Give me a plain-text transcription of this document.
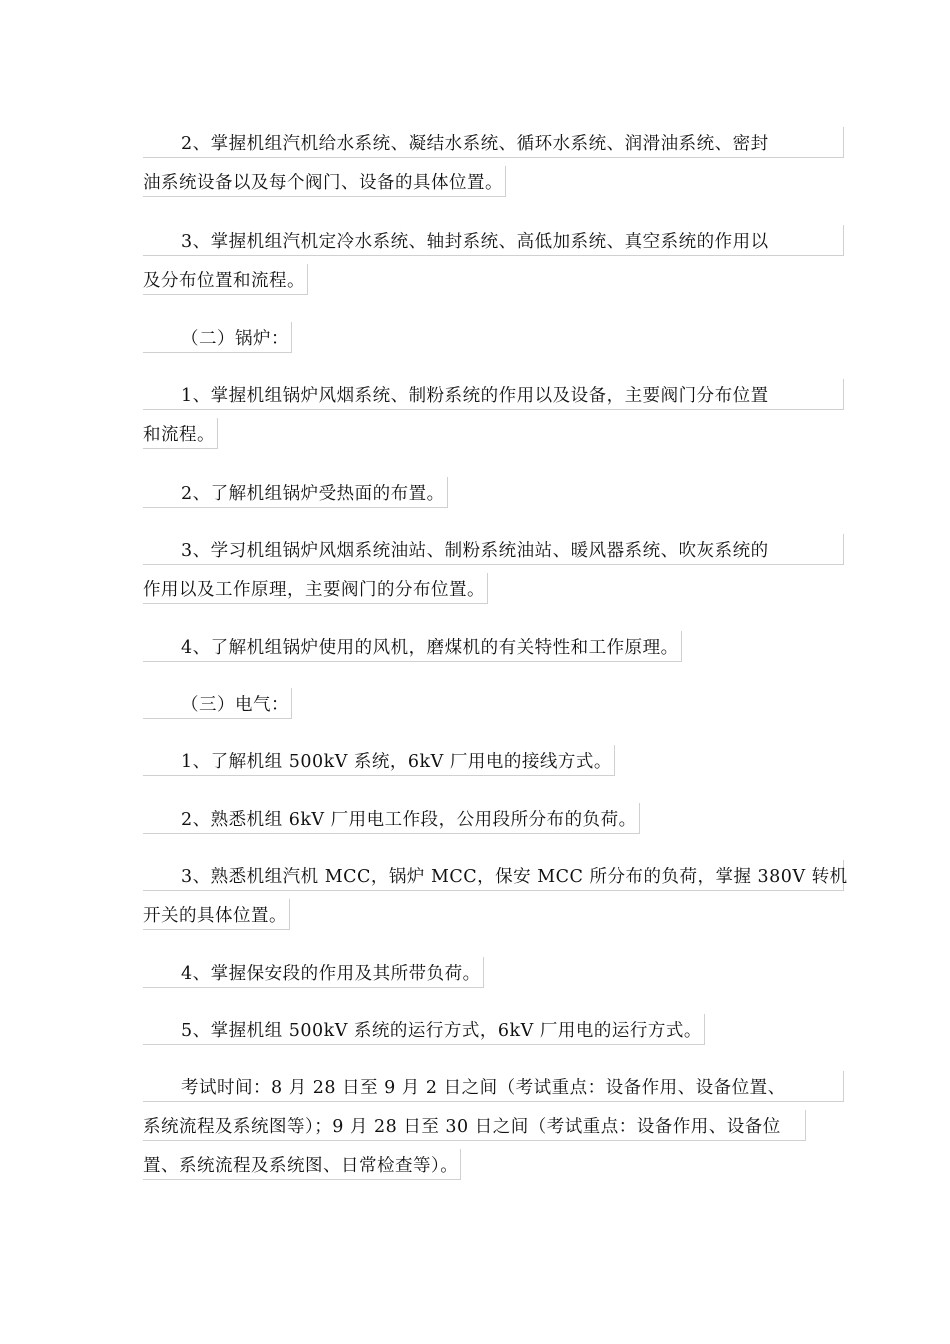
2、掌握机组汽机给水系统、凝结水系统、循环水系统、润滑油系统、密封
油系统设备以及每个阀门、设备的具体位置。
3、掌握机组汽机定冷水系统、轴封系统、高低加系统、真空系统的作用以
及分布位置和流程。
（二）锅炉：
1、掌握机组锅炉风烟系统、制粉系统的作用以及设备，主要阀门分布位置
和流程。
2、了解机组锅炉受热面的布置。
3、学习机组锅炉风烟系统油站、制粉系统油站、暖风器系统、吹灰系统的
作用以及工作原理，主要阀门的分布位置。
4、了解机组锅炉使用的风机，磨煤机的有关特性和工作原理。
（三）电气：
1、了解机组 500kV 系统，6kV 厂用电的接线方式。
2、熟悉机组 6kV 厂用电工作段，公用段所分布的负荷。
3、熟悉机组汽机 MCC，锅炉 MCC，保安 MCC 所分布的负荷，掌握 380V 转机
开关的具体位置。
4、掌握保安段的作用及其所带负荷。
5、掌握机组 500kV 系统的运行方式，6kV 厂用电的运行方式。
考试时间：8 月 28 日至 9 月 2 日之间（考试重点：设备作用、设备位置、
系统流程及系统图等）；9 月 28 日至 30 日之间（考试重点：设备作用、设备位
置、系统流程及系统图、日常检查等）。
